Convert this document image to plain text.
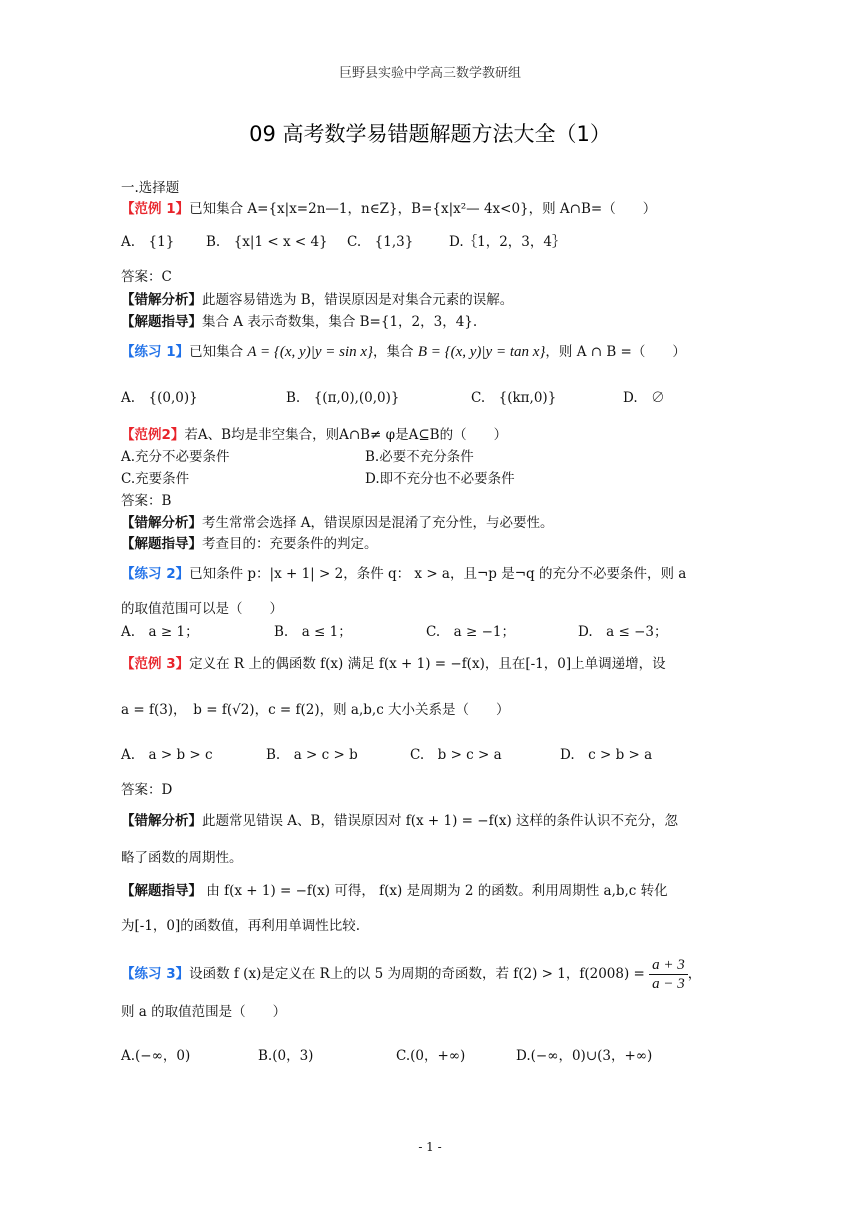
巨野县实验中学高三数学教研组
09 高考数学易错题解题方法大全（1）
一.选择题
【范例 1】已知集合 A={x|x=2n—1，n∈Z}，B={x|x²— 4x<0}，则 A∩B=（　　）
A.　{1} B.　{x|1 < x < 4} C.　{1,3}	D.｛1，2，3，4｝
答案：C
【错解分析】此题容易错选为 B，错误原因是对集合元素的误解。
【解题指导】集合 A 表示奇数集，集合 B={1，2，3，4}.
【练习 1】已知集合 A = {(x, y)|y = sin x}，集合 B = {(x, y)|y = tan x}，则 A ∩ B =（　　）
A.　{(0,0)}	B.　{(π,0),(0,0)}	C.　{(kπ,0)}	D.　∅
【范例2】若A、B均是非空集合，则A∩B≠ φ是A⊆B的（　　）
A.充分不必要条件	B.必要不充分条件
C.充要条件	D.即不充分也不必要条件
答案：B
【错解分析】考生常常会选择 A，错误原因是混淆了充分性，与必要性。
【解题指导】考查目的：充要条件的判定。
【练习 2】已知条件 p：|x + 1| > 2，条件 q： x > a，且¬p 是¬q 的充分不必要条件，则 a
的取值范围可以是（　　）
A.　a ≥ 1；	B.　a ≤ 1；	C.　a ≥ −1；	D.　a ≤ −3；
【范例 3】定义在 R 上的偶函数 f(x) 满足 f(x + 1) = −f(x)，且在[-1，0]上单调递增，设
a = f(3)，　b = f(√2)，c = f(2)，则 a,b,c 大小关系是（　　）
A.　a > b > c	B.　a > c > b	C.　b > c > a	D.　c > b > a
答案：D
【错解分析】此题常见错误 A、B，错误原因对 f(x + 1) = −f(x) 这样的条件认识不充分，忽
略了函数的周期性。
【解题指导】 由 f(x + 1) = −f(x) 可得， f(x) 是周期为 2 的函数。利用周期性 a,b,c 转化
为[-1，0]的函数值，再利用单调性比较.
【练习 3】设函数 f (x)是定义在 R上的以 5 为周期的奇函数，若 f(2) > 1，$f(2008) = \frac{a + 3}{a - 3}$ ，
则 a 的取值范围是（　　）
A.(−∞，0)	B.(0，3)	C.(0，+∞)	D.(−∞，0)∪(3，+∞)
- 1 -
